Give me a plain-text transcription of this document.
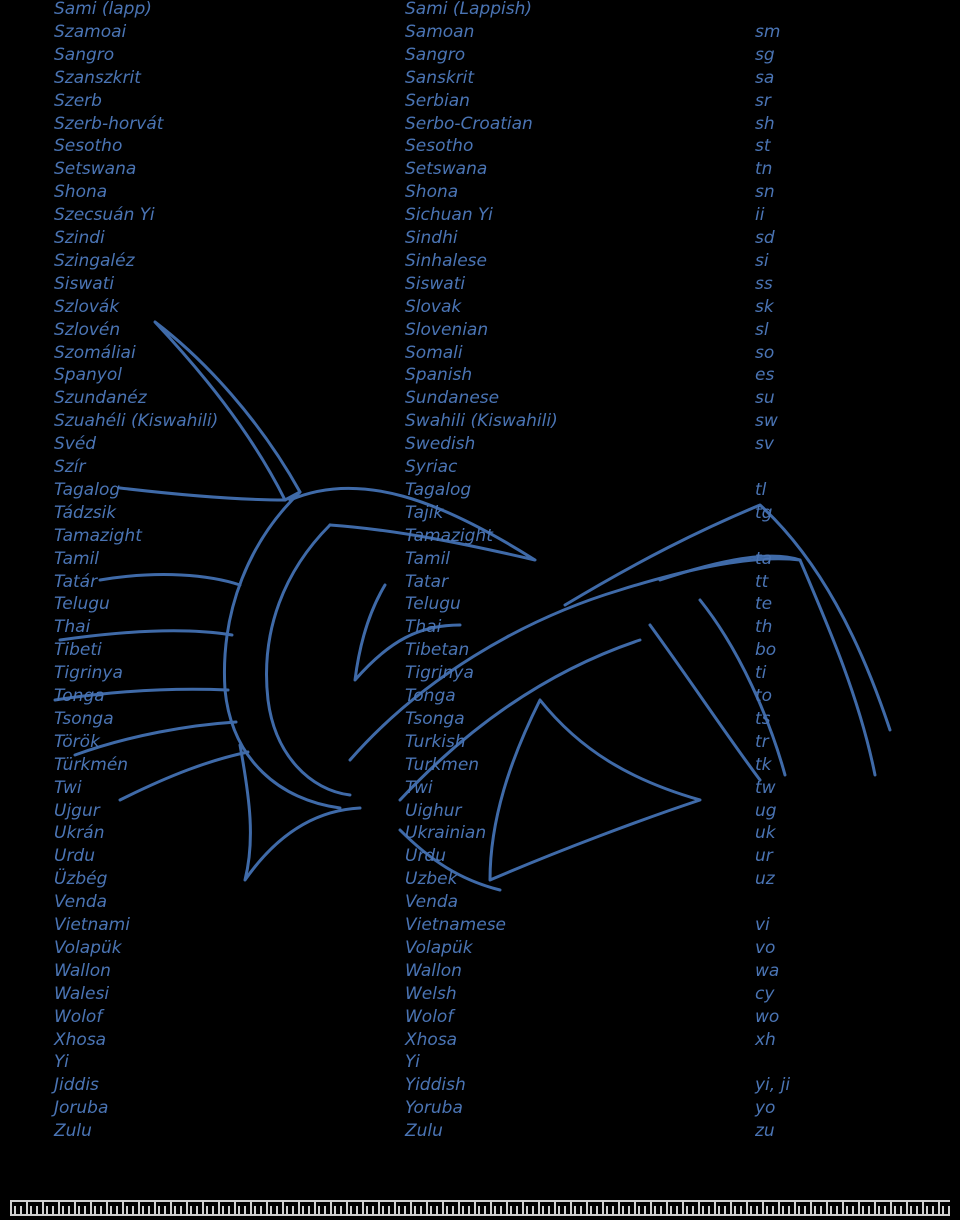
Sami (lapp)	Sami (Lappish)
Szamoai	Samoan	sm
Sangro	Sangro	sg
Szanszkrit	Sanskrit	sa
Szerb	Serbian	sr
Szerb-horvát	Serbo-Croatian	sh
Sesotho	Sesotho	st
Setswana	Setswana	tn
Shona	Shona	sn
Szecsuán Yi	Sichuan Yi	ii
Szindi	Sindhi	sd
Szingaléz	Sinhalese	si
Siswati	Siswati	ss
Szlovák	Slovak	sk
Szlovén	Slovenian	sl
Szomáliai	Somali	so
Spanyol	Spanish	es
Szundanéz	Sundanese	su
Szuahéli (Kiswahili)	Swahili (Kiswahili)	sw
Svéd	Swedish	sv
Szír	Syriac
Tagalog	Tagalog	tl
Tádzsik	Tajik	tg
Tamazight	Tamazight
Tamil	Tamil	ta
Tatár	Tatar	tt
Telugu	Telugu	te
Thai	Thai	th
Tibeti	Tibetan	bo
Tigrinya	Tigrinya	ti
Tonga	Tonga	to
Tsonga	Tsonga	ts
Török	Turkish	tr
Türkmén	Turkmen	tk
Twi	Twi	tw
Ujgur	Uighur	ug
Ukrán	Ukrainian	uk
Urdu	Urdu	ur
Üzbég	Uzbek	uz
Venda	Venda
Vietnami	Vietnamese	vi
Volapük	Volapük	vo
Wallon	Wallon	wa
Walesi	Welsh	cy
Wolof	Wolof	wo
Xhosa	Xhosa	xh
Yi	Yi
Jiddis	Yiddish	yi, ji
Joruba	Yoruba	yo
Zulu	Zulu	zu
